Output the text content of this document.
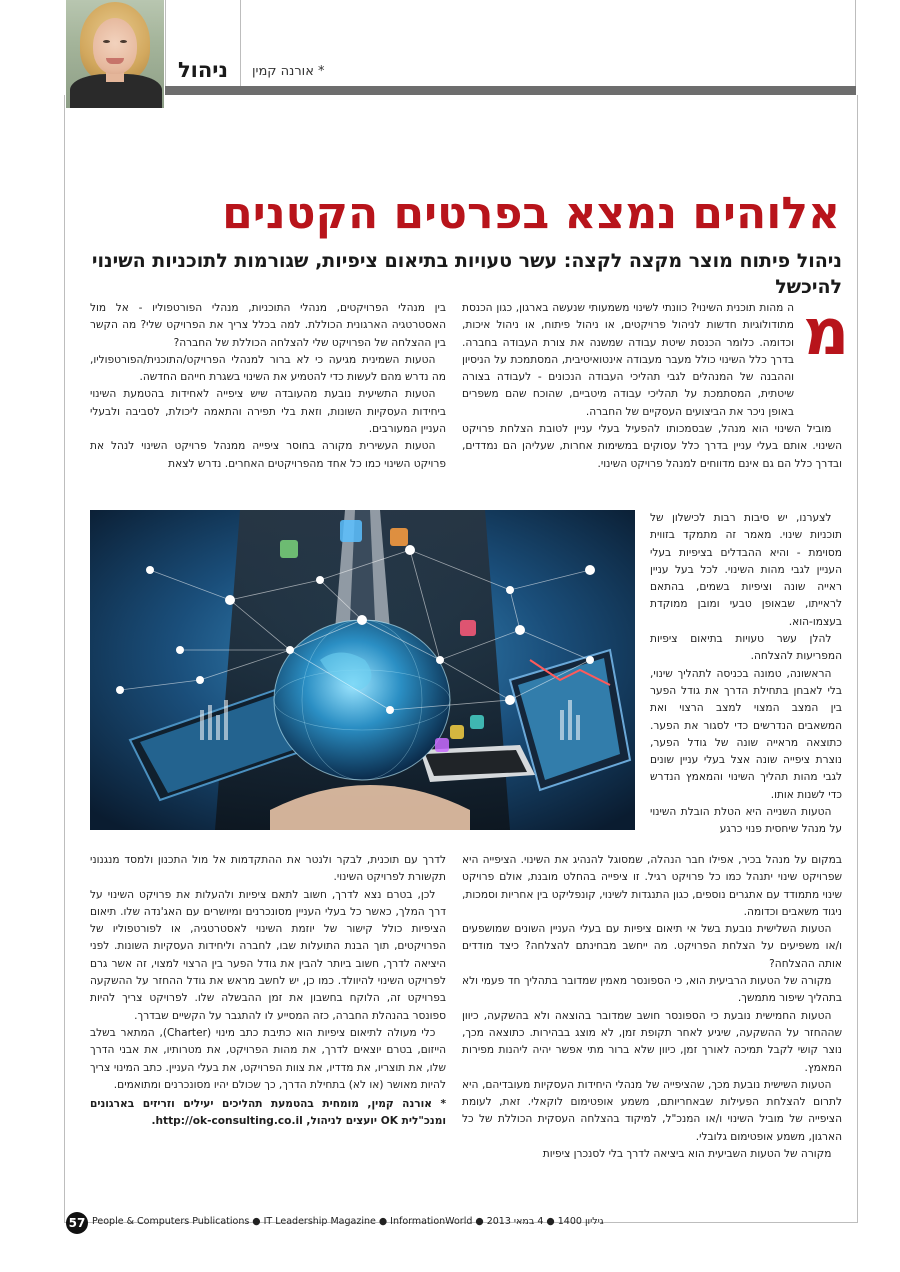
ניהול	אורנה קמין *
אלוהים נמצא בפרטים הקטנים
ניהול פיתוח מוצר מקצה לקצה: עשר טעויות בתיאום ציפיות, שגורמות לתוכניות השינוי להיכשל
מ

ה מהות תוכנית השינוי? כוונתי לשינוי משמעותי שנעשה בארגון, כגון הכנסת מתודולוגיות חדשות לניהול פרויקטים, או ניהול פיתוח, או ניהול איכות, וכדומה. כלומר הכנסת שיטת עבודה שמשנה את צורת העבודה בחברה. בדרך כלל השינוי כולל מעבר מעבודה אינטואיטיבית, המסתמכת על הניסיון וההבנה של המנהלים לגבי תהליכי העבודה הנכונים - לעבודה בצורה שיטתית, המסתמכת על תהליכי עבודה מיטביים, שהוכח שהם משפרים באופן ניכר את הביצועים העסקיים של החברה.

מוביל השינוי הוא מנהל, שבסמכותו להפעיל בעלי עניין לטובת הצלחת פרויקט השינוי. אותם בעלי עניין בדרך כלל עסוקים במשימות אחרות, שעליהן הם נמדדים, ובדרך כלל הם גם אינם מדווחים למנהל פרויקט השינוי.

לצערנו, יש סיבות רבות לכישלון של תוכניות שינוי. מאמר זה מתמקד בזווית מסוימת - והיא ההבדלים בציפיות בעלי העניין לגבי מהות השינוי. לכל בעל עניין ראייה שונה וציפיות בשמים, בהתאם לראייתו, שבאופן טבעי ומובן ממוקדת בעצמו-הוא.

להלן עשר טעויות בתיאום ציפיות המפריעות להצלחה.

הראשונה, טמונה בכניסה לתהליך שינוי, בלי לאבחן בתחילת הדרך את גודל הפער בין המצב המצוי למצב הרצוי ואת המשאבים הנדרשים כדי לסגור את הפער. כתוצאה מראייה שונה של גודל הפער, נוצרת ציפייה שונה אצל בעלי עניין שונים לגבי מהות תהליך השינוי והמאמץ הנדרש כדי לשנות אותו.

הטעות השנייה היא הטלת הובלת השינוי על מנהל שיחסית פנוי כרגע

במקום על מנהל בכיר, אפילו חבר הנהלה, שמסוגל להנהיג את השינוי. הציפייה היא שפרויקט שינוי יתנהל כמו כל פרויקט רגיל. זו ציפייה בהחלט מובנת, אולם פרויקט שינוי מתמודד עם אתגרים נוספים, כגון התנגדות לשינוי, קונפליקט בין אחריות וסמכות, ניגוד משאבים וכדומה.

הטעות השלישית נובעת בשל אי תיאום ציפיות עם בעלי העניין השונים שמושפעים ו/או משפיעים על הצלחת הפרויקט. מה ייחשב מבחינתם להצלחה? כיצד מודדים אותה ההצלחה?

מקורה של הטעות הרביעית הוא, כי הספונסר מאמין שמדובר בתהליך חד פעמי ולא בתהליך שיפור מתמשך.

הטעות החמישית נובעת כי הספונסר חושב שמדובר בהוצאה ולא בהשקעה, כיוון שההחזר על ההשקעה, שיגיע לאחר תקופת זמן, לא מוצג בבהירות. כתוצאה מכך, נוצר קושי לקבל תמיכה לאורך זמן, כיוון שלא ברור מתי אפשר יהיה ליהנות מפירות המאמץ.

הטעות השישית נובעת מכך, שהציפייה של מנהלי היחידות העסקיות מעובדיהם, היא לתרום להצלחת הפעילות שבאחריותם, משמע אופטימום לוקאלי. זאת, לעומת הציפייה של מוביל השינוי ו/או המנכ"ל, למיקוד בהצלחה העסקית הכוללת של כל הארגון, משמע אופטימום גלובלי.

מקורה של הטעות השביעית הוא ביציאה לדרך בלי לסנכרן ציפיות

בין מנהלי הפרויקטים, מנהלי התוכניות, מנהלי הפורטפוליו - אל מול האסטרטגיה הארגונית הכוללת. למה בכלל צריך את הפרויקט שלי? מה הקשר בין ההצלחה של הפרויקט שלי להצלחה הכוללת של החברה?

הטעות השמינית מגיעה כי לא ברור למנהלי הפרויקט/התוכנית/הפורטפוליו, מה נדרש מהם לעשות כדי להטמיע את השינוי בשגרת חייהם החדשה.

הטעות התשיעית נובעת מהעובדה שיש ציפייה לאחידות בהטמעת השינוי ביחידות העסקיות השונות, וזאת בלי תפירה והתאמה ליכולת, לסביבה ולבעלי העניין המעורבים.

הטעות העשירית מקורה בחוסר ציפייה ממנהל פרויקט השינוי לנהל את פרויקט השינוי כמו כל אחד מהפרויקטים האחרים. נדרש לצאת

לדרך עם תוכנית, לבקר ולנטר את ההתקדמות אל מול התכנון ולמסד מנגנוני תקשורת לפרויקט השינוי.

לכן, בטרם נצא לדרך, חשוב לתאם ציפיות ולהעלות את פרויקט השינוי על דרך המלך, כאשר כל בעלי העניין מסונכרנים ומיושרים עם האג'נדה שלו. תיאום הציפיות כולל קישור של יוזמת השינוי לאסטרטגיה, או לפורטפוליו של הפרויקטים, תוך הבנת התועלות שבו, לחברה וליחידות העסקיות השונות. לפני היציאה לדרך, חשוב ביותר להבין את גודל הפער בין הרצוי למצוי, זה אשר גרם לפרויקט השינוי להיוולד. כמו כן, יש לחשב מראש את גודל ההחזר על ההשקעה בפרויקט זה, הלוקח בחשבון את זמן ההבשלה שלו. לפרויקט צריך להיות ספונסר בהנהלת החברה, כזה המסייע לו להתגבר על הקשיים שבדרך.

כלי מעולה לתיאום ציפיות הוא כתיבת כתב מינוי (Charter), המתאר בשלב הייזום, בטרם יוצאים לדרך, את מהות הפרויקט, את מטרותיו, את אבני הדרך שלו, את תוצריו, את מדדיו, את צוות הפרויקט, את בעלי העניין. כתב המינוי צריך להיות מאושר (או לא) בתחילת הדרך, כך שכולם יהיו מסונכרנים ומתואמים.

* אורנה קמין, מומחית בהטמעת תהליכים יעילים וזריזים בארגונים ומנכ"לית OK יועצים לניהול, http://ok-consulting.co.il.

57 People & Computers Publications ● IT Leadership Magazine ● InformationWorld ● 2013 גיליון 1400 ● 4 במאי
